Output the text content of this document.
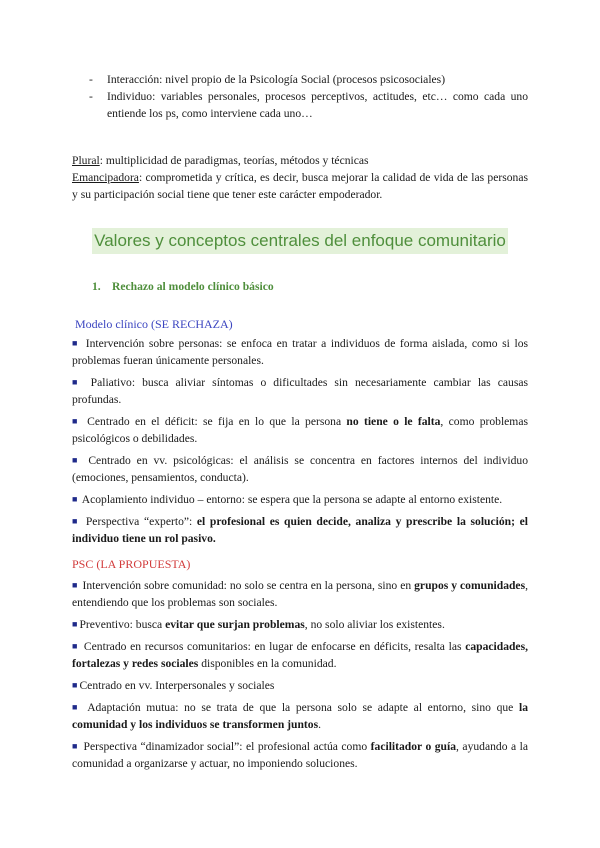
-	Interacción: nivel propio de la Psicología Social (procesos psicosociales)
-	Individuo: variables personales, procesos perceptivos, actitudes, etc… como cada uno entiende los ps, como interviene cada uno…
Plural: multiplicidad de paradigmas, teorías, métodos y técnicas
Emancipadora: comprometida y crítica, es decir, busca mejorar la calidad de vida de las personas y su participación social tiene que tener este carácter empoderador.
Valores y conceptos centrales del enfoque comunitario
1. Rechazo al modelo clínico básico
Modelo clínico (SE RECHAZA)
■ Intervención sobre personas: se enfoca en tratar a individuos de forma aislada, como si los problemas fueran únicamente personales.
■ Paliativo: busca aliviar síntomas o dificultades sin necesariamente cambiar las causas profundas.
■ Centrado en el déficit: se fija en lo que la persona no tiene o le falta, como problemas psicológicos o debilidades.
■ Centrado en vv. psicológicas: el análisis se concentra en factores internos del individuo (emociones, pensamientos, conducta).
■ Acoplamiento individuo – entorno: se espera que la persona se adapte al entorno existente.
■ Perspectiva “experto”: el profesional es quien decide, analiza y prescribe la solución; el individuo tiene un rol pasivo.
PSC (LA PROPUESTA)
■ Intervención sobre comunidad: no solo se centra en la persona, sino en grupos y comunidades, entendiendo que los problemas son sociales.
■ Preventivo: busca evitar que surjan problemas, no solo aliviar los existentes.
■ Centrado en recursos comunitarios: en lugar de enfocarse en déficits, resalta las capacidades, fortalezas y redes sociales disponibles en la comunidad.
■ Centrado en vv. Interpersonales y sociales
■ Adaptación mutua: no se trata de que la persona solo se adapte al entorno, sino que la comunidad y los individuos se transformen juntos.
■ Perspectiva “dinamizador social”: el profesional actúa como facilitador o guía, ayudando a la comunidad a organizarse y actuar, no imponiendo soluciones.
